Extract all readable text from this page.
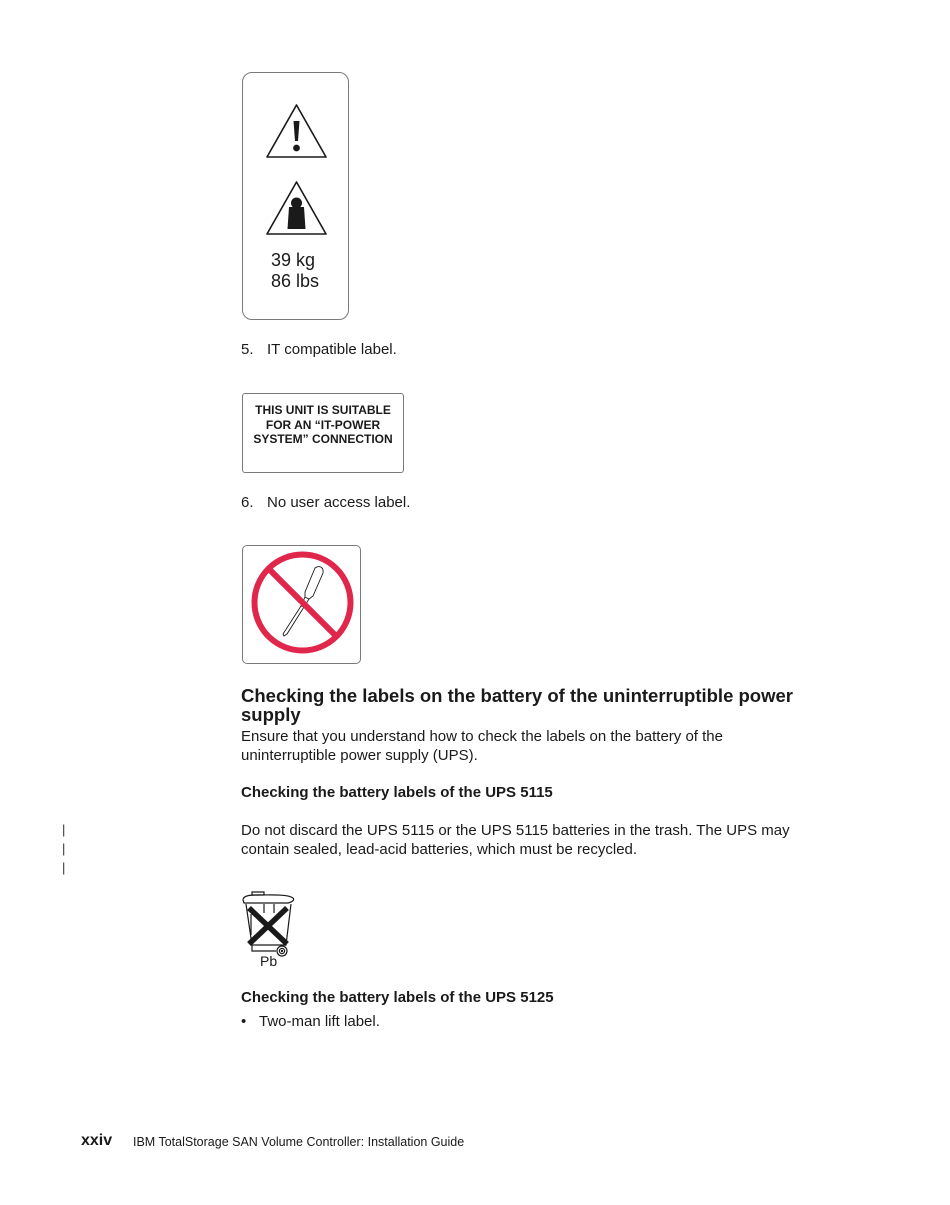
39 kg
86 lbs
5. IT compatible label.
THIS UNIT IS SUITABLE
FOR AN “IT-POWER
SYSTEM” CONNECTION
6. No user access label.
Checking the labels on the battery of the uninterruptible power supply
Ensure that you understand how to check the labels on the battery of the uninterruptible power supply (UPS).
Checking the battery labels of the UPS 5115
|
|
|
Do not discard the UPS 5115 or the UPS 5115 batteries in the trash. The UPS may contain sealed, lead-acid batteries, which must be recycled.
Pb
Checking the battery labels of the UPS 5125
• Two-man lift label.
xxiv IBM TotalStorage SAN Volume Controller: Installation Guide
